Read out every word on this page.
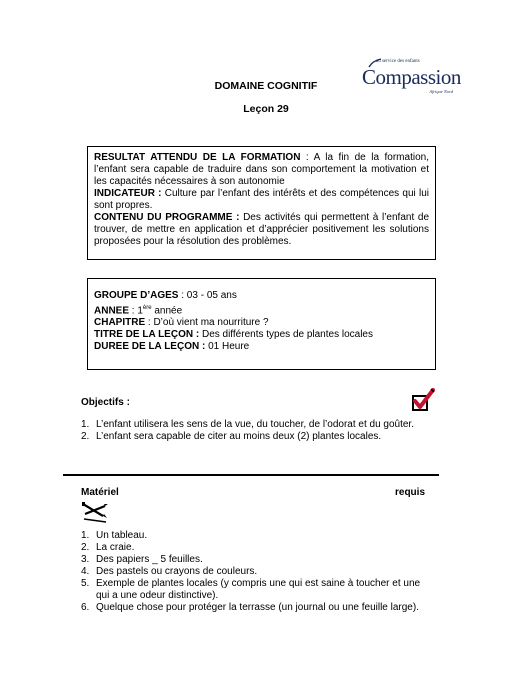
au service des enfants
Compassion
Afrique Nord
DOMAINE COGNITIF
Leçon 29

RESULTAT ATTENDU DE LA FORMATION : A la fin de la formation, l’enfant sera capable de traduire dans son comportement la motivation et les capacités nécessaires à son autonomie

INDICATEUR : Culture par l’enfant des intérêts et des compétences qui lui sont propres.

CONTENU DU PROGRAMME : Des activités qui permettent à l’enfant de trouver, de mettre en application et d’apprécier positivement les solutions proposées pour la résolution des problèmes.

GROUPE D’AGES : 03 - 05 ans
ANNEE : 1ère année
CHAPITRE : D’où vient ma nourriture ?
TITRE DE LA LEÇON : Des différents types de plantes locales
DUREE DE LA LEÇON : 01 Heure
Objectifs :
1. L’enfant utilisera les sens de la vue, du toucher, de l’odorat et du goûter.
2. L’enfant sera capable de citer au moins deux (2) plantes locales.
Matériel	requis
1. Un tableau.
2. La craie.
3. Des papiers _ 5 feuilles.
4. Des pastels ou crayons de couleurs.
5. Exemple de plantes locales (y compris une qui est saine à toucher et une qui a une odeur distinctive).
6. Quelque chose pour protéger la terrasse (un journal ou une feuille large).
